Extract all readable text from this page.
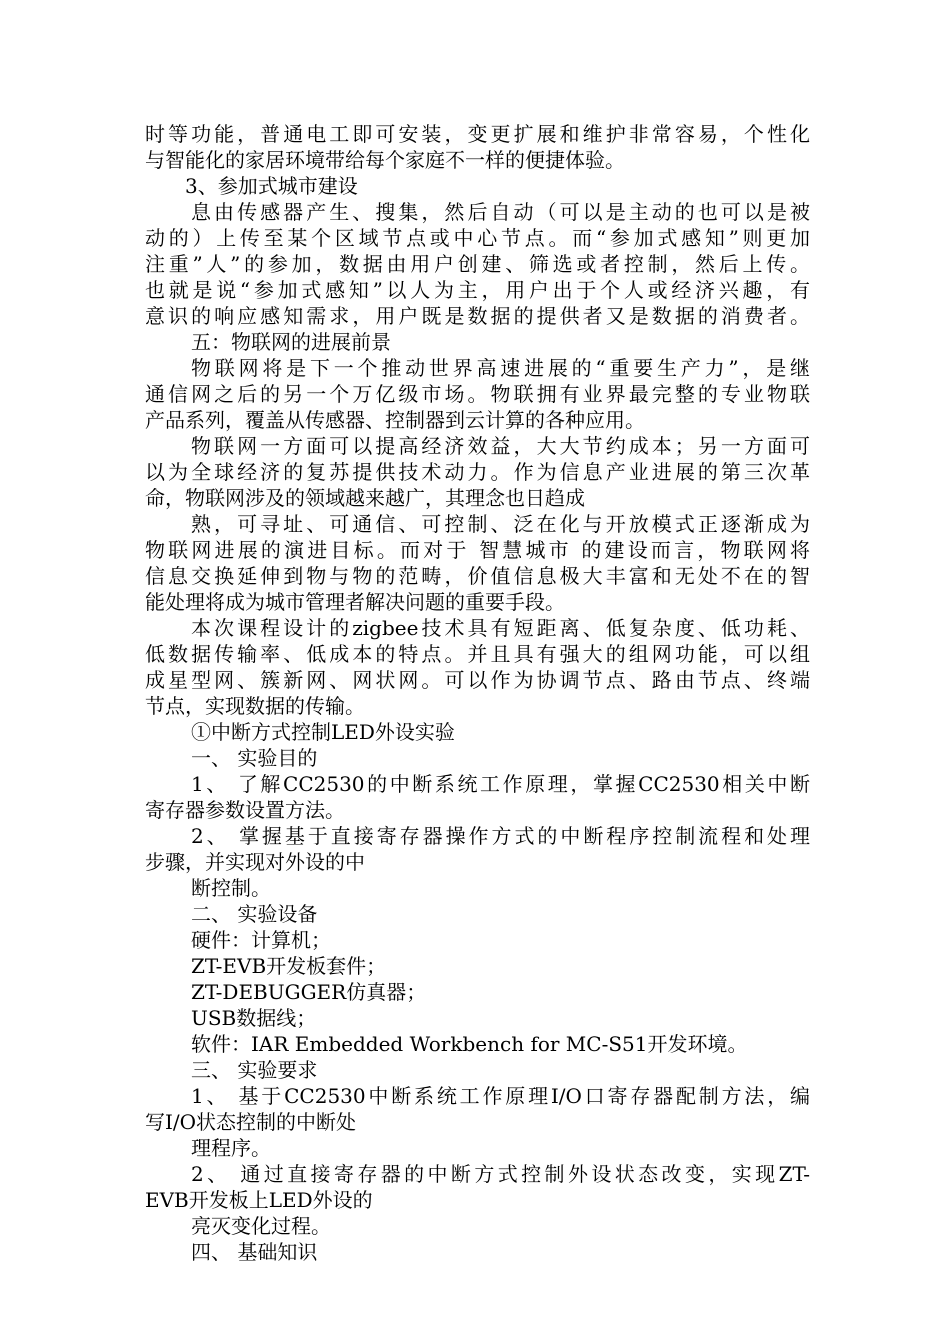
时等功能，普通电工即可安装，变更扩展和维护非常容易，个性化
与智能化的家居环境带给每个家庭不一样的便捷体验。
3、参加式城市建设
息由传感器产生、搜集，然后自动（可以是主动的也可以是被
动的）上传至某个区域节点或中心节点。而“参加式感知”则更加
注重”人”的参加，数据由用户创建、筛选或者控制，然后上传。
也就是说“参加式感知”以人为主，用户出于个人或经济兴趣，有
意识的响应感知需求，用户既是数据的提供者又是数据的消费者。
五：物联网的进展前景
物联网将是下一个推动世界高速进展的“重要生产力”，是继
通信网之后的另一个万亿级市场。物联拥有业界最完整的专业物联
产品系列，覆盖从传感器、控制器到云计算的各种应用。
物联网一方面可以提高经济效益，大大节约成本；另一方面可
以为全球经济的复苏提供技术动力。作为信息产业进展的第三次革
命，物联网涉及的领域越来越广，其理念也日趋成
熟，可寻址、可通信、可控制、泛在化与开放模式正逐渐成为
物联网进展的演进目标。而对于 智慧城市 的建设而言，物联网将
信息交换延伸到物与物的范畴，价值信息极大丰富和无处不在的智
能处理将成为城市管理者解决问题的重要手段。
本次课程设计的zigbee技术具有短距离、低复杂度、低功耗、
低数据传输率、低成本的特点。并且具有强大的组网功能，可以组
成星型网、簇新网、网状网。可以作为协调节点、路由节点、终端
节点，实现数据的传输。
①中断方式控制LED外设实验
一、 实验目的
1、 了解CC2530的中断系统工作原理，掌握CC2530相关中断
寄存器参数设置方法。
2、 掌握基于直接寄存器操作方式的中断程序控制流程和处理
步骤，并实现对外设的中
断控制。
二、 实验设备
硬件：计算机；
ZT-EVB开发板套件；
ZT-DEBUGGER仿真器；
USB数据线；
软件：IAR Embedded Workbench for MC-S51开发环境。
三、 实验要求
1、 基于CC2530中断系统工作原理I/O口寄存器配制方法，编
写I/O状态控制的中断处
理程序。
2、 通过直接寄存器的中断方式控制外设状态改变，实现ZT-
EVB开发板上LED外设的
亮灭变化过程。
四、 基础知识
